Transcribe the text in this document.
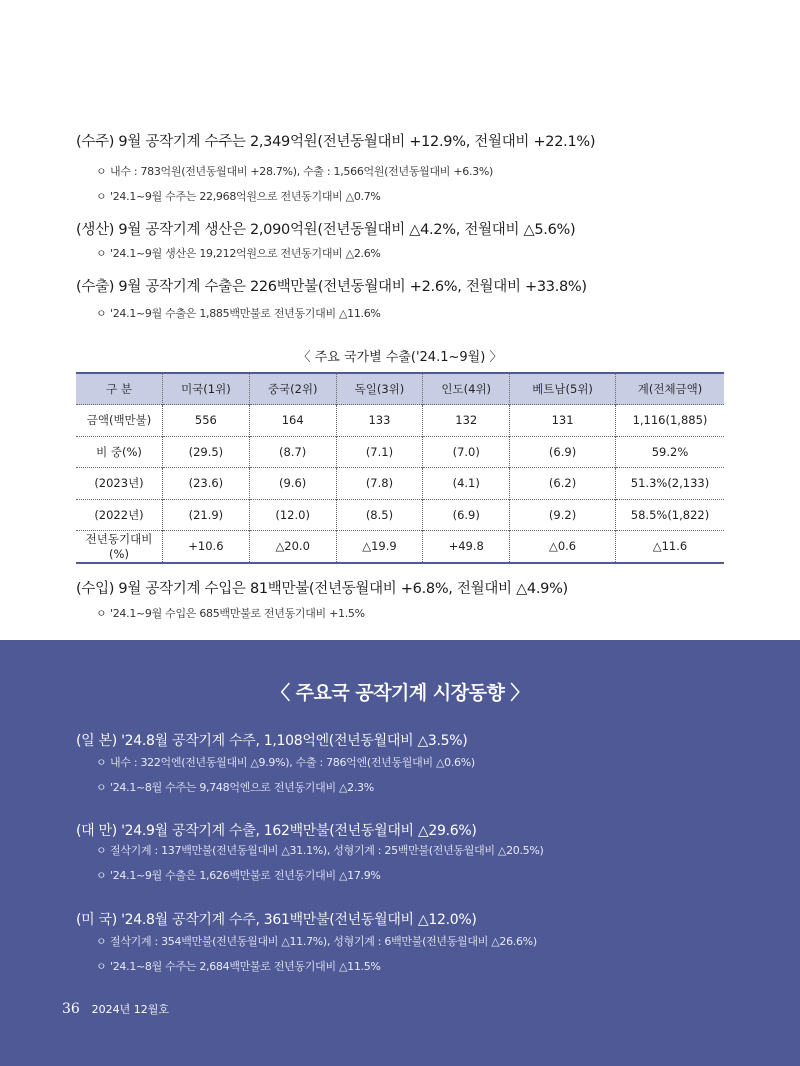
(수주) 9월 공작기계 수주는 2,349억원(전년동월대비 +12.9%, 전월대비 +22.1%)
ㅇ 내수 : 783억원(전년동월대비 +28.7%), 수출 : 1,566억원(전년동월대비 +6.3%)
ㅇ '24.1~9월 수주는 22,968억원으로 전년동기대비 △0.7%
(생산) 9월 공작기계 생산은 2,090억원(전년동월대비 △4.2%, 전월대비 △5.6%)
ㅇ '24.1~9월 생산은 19,212억원으로 전년동기대비 △2.6%
(수출) 9월 공작기계 수출은 226백만불(전년동월대비 +2.6%, 전월대비 +33.8%)
ㅇ '24.1~9월 수출은 1,885백만불로 전년동기대비 △11.6%
〈 주요 국가별 수출('24.1~9월) 〉
구 분	미국(1위)	중국(2위)	독일(3위)	인도(4위)	베트남(5위)	계(전체금액)
금액(백만불)	556	164	133	132	131	1,116(1,885)
비 중(%)	(29.5)	(8.7)	(7.1)	(7.0)	(6.9)	59.2%
(2023년)	(23.6)	(9.6)	(7.8)	(4.1)	(6.2)	51.3%(2,133)
(2022년)	(21.9)	(12.0)	(8.5)	(6.9)	(9.2)	58.5%(1,822)
전년동기대비(%)	+10.6	△20.0	△19.9	+49.8	△0.6	△11.6
(수입) 9월 공작기계 수입은 81백만불(전년동월대비 +6.8%, 전월대비 △4.9%)
ㅇ '24.1~9월 수입은 685백만불로 전년동기대비 +1.5%
〈 주요국 공작기계 시장동향 〉
(일 본) '24.8월 공작기계 수주, 1,108억엔(전년동월대비 △3.5%)
ㅇ 내수 : 322억엔(전년동월대비 △9.9%), 수출 : 786억엔(전년동월대비 △0.6%)
ㅇ '24.1~8월 수주는 9,748억엔으로 전년동기대비 △2.3%
(대 만) '24.9월 공작기계 수출, 162백만불(전년동월대비 △29.6%)
ㅇ 절삭기계 : 137백만불(전년동월대비 △31.1%), 성형기계 : 25백만불(전년동월대비 △20.5%)
ㅇ '24.1~9월 수출은 1,626백만불로 전년동기대비 △17.9%
(미 국) '24.8월 공작기계 수주, 361백만불(전년동월대비 △12.0%)
ㅇ 절삭기계 : 354백만불(전년동월대비 △11.7%), 성형기계 : 6백만불(전년동월대비 △26.6%)
ㅇ '24.1~8월 수주는 2,684백만불로 전년동기대비 △11.5%
36 2024년 12월호
